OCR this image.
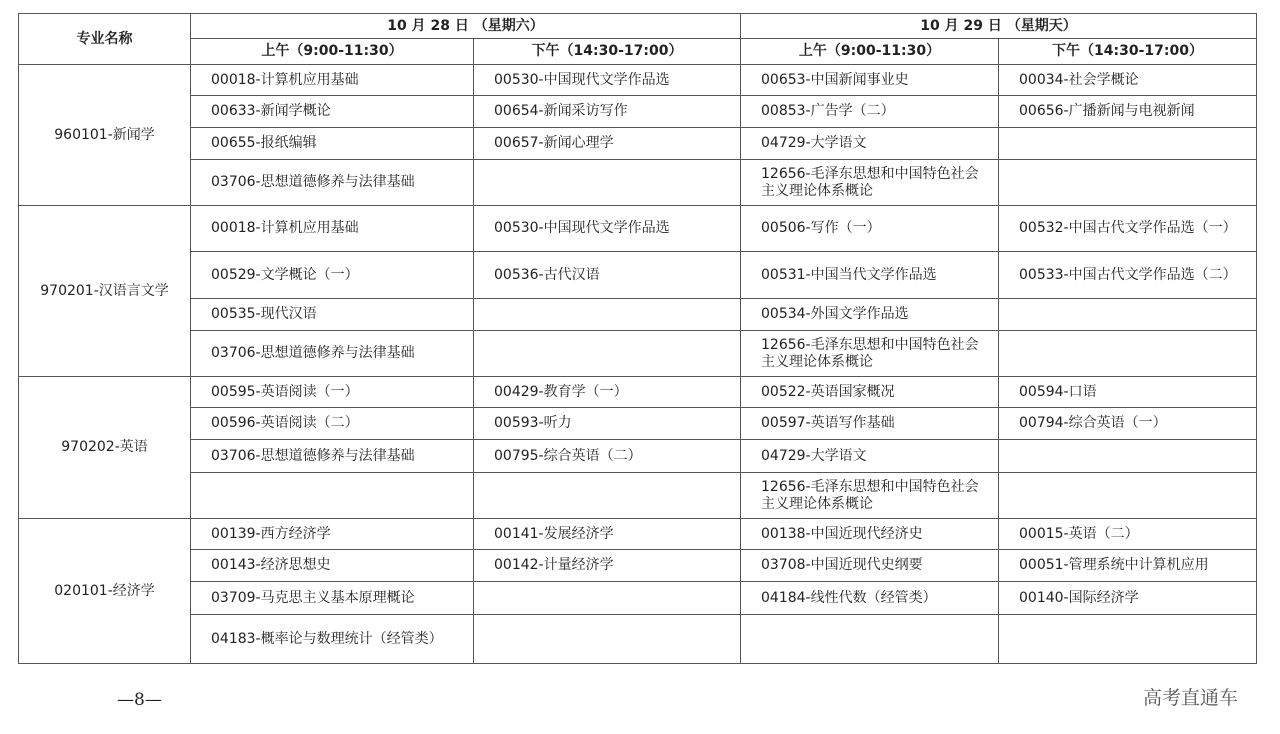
专业名称	10 月 28 日 （星期六）		10 月 29 日 （星期天）	
	上午（9:00-11:30）	下午（14:30-17:00）	上午（9:00-11:30）	下午（14:30-17:00）
960101-新闻学	00018-计算机应用基础	00530-中国现代文学作品选	00653-中国新闻事业史	00034-社会学概论
	00633-新闻学概论	00654-新闻采访写作	00853-广告学（二）	00656-广播新闻与电视新闻
	00655-报纸编辑	00657-新闻心理学	04729-大学语文	
	03706-思想道德修养与法律基础		12656-毛泽东思想和中国特色社会主义理论体系概论	
970201-汉语言文学	00018-计算机应用基础	00530-中国现代文学作品选	00506-写作（一）	00532-中国古代文学作品选（一）
	00529-文学概论（一）	00536-古代汉语	00531-中国当代文学作品选	00533-中国古代文学作品选（二）
	00535-现代汉语		00534-外国文学作品选	
	03706-思想道德修养与法律基础		12656-毛泽东思想和中国特色社会主义理论体系概论	
970202-英语	00595-英语阅读（一）	00429-教育学（一）	00522-英语国家概况	00594-口语
	00596-英语阅读（二）	00593-听力	00597-英语写作基础	00794-综合英语（一）
	03706-思想道德修养与法律基础	00795-综合英语（二）	04729-大学语文	
			12656-毛泽东思想和中国特色社会主义理论体系概论	
020101-经济学	00139-西方经济学	00141-发展经济学	00138-中国近现代经济史	00015-英语（二）
	00143-经济思想史	00142-计量经济学	03708-中国近现代史纲要	00051-管理系统中计算机应用
	03709-马克思主义基本原理概论		04184-线性代数（经管类）	00140-国际经济学
	04183-概率论与数理统计（经管类）			
—8—	高考直通车
